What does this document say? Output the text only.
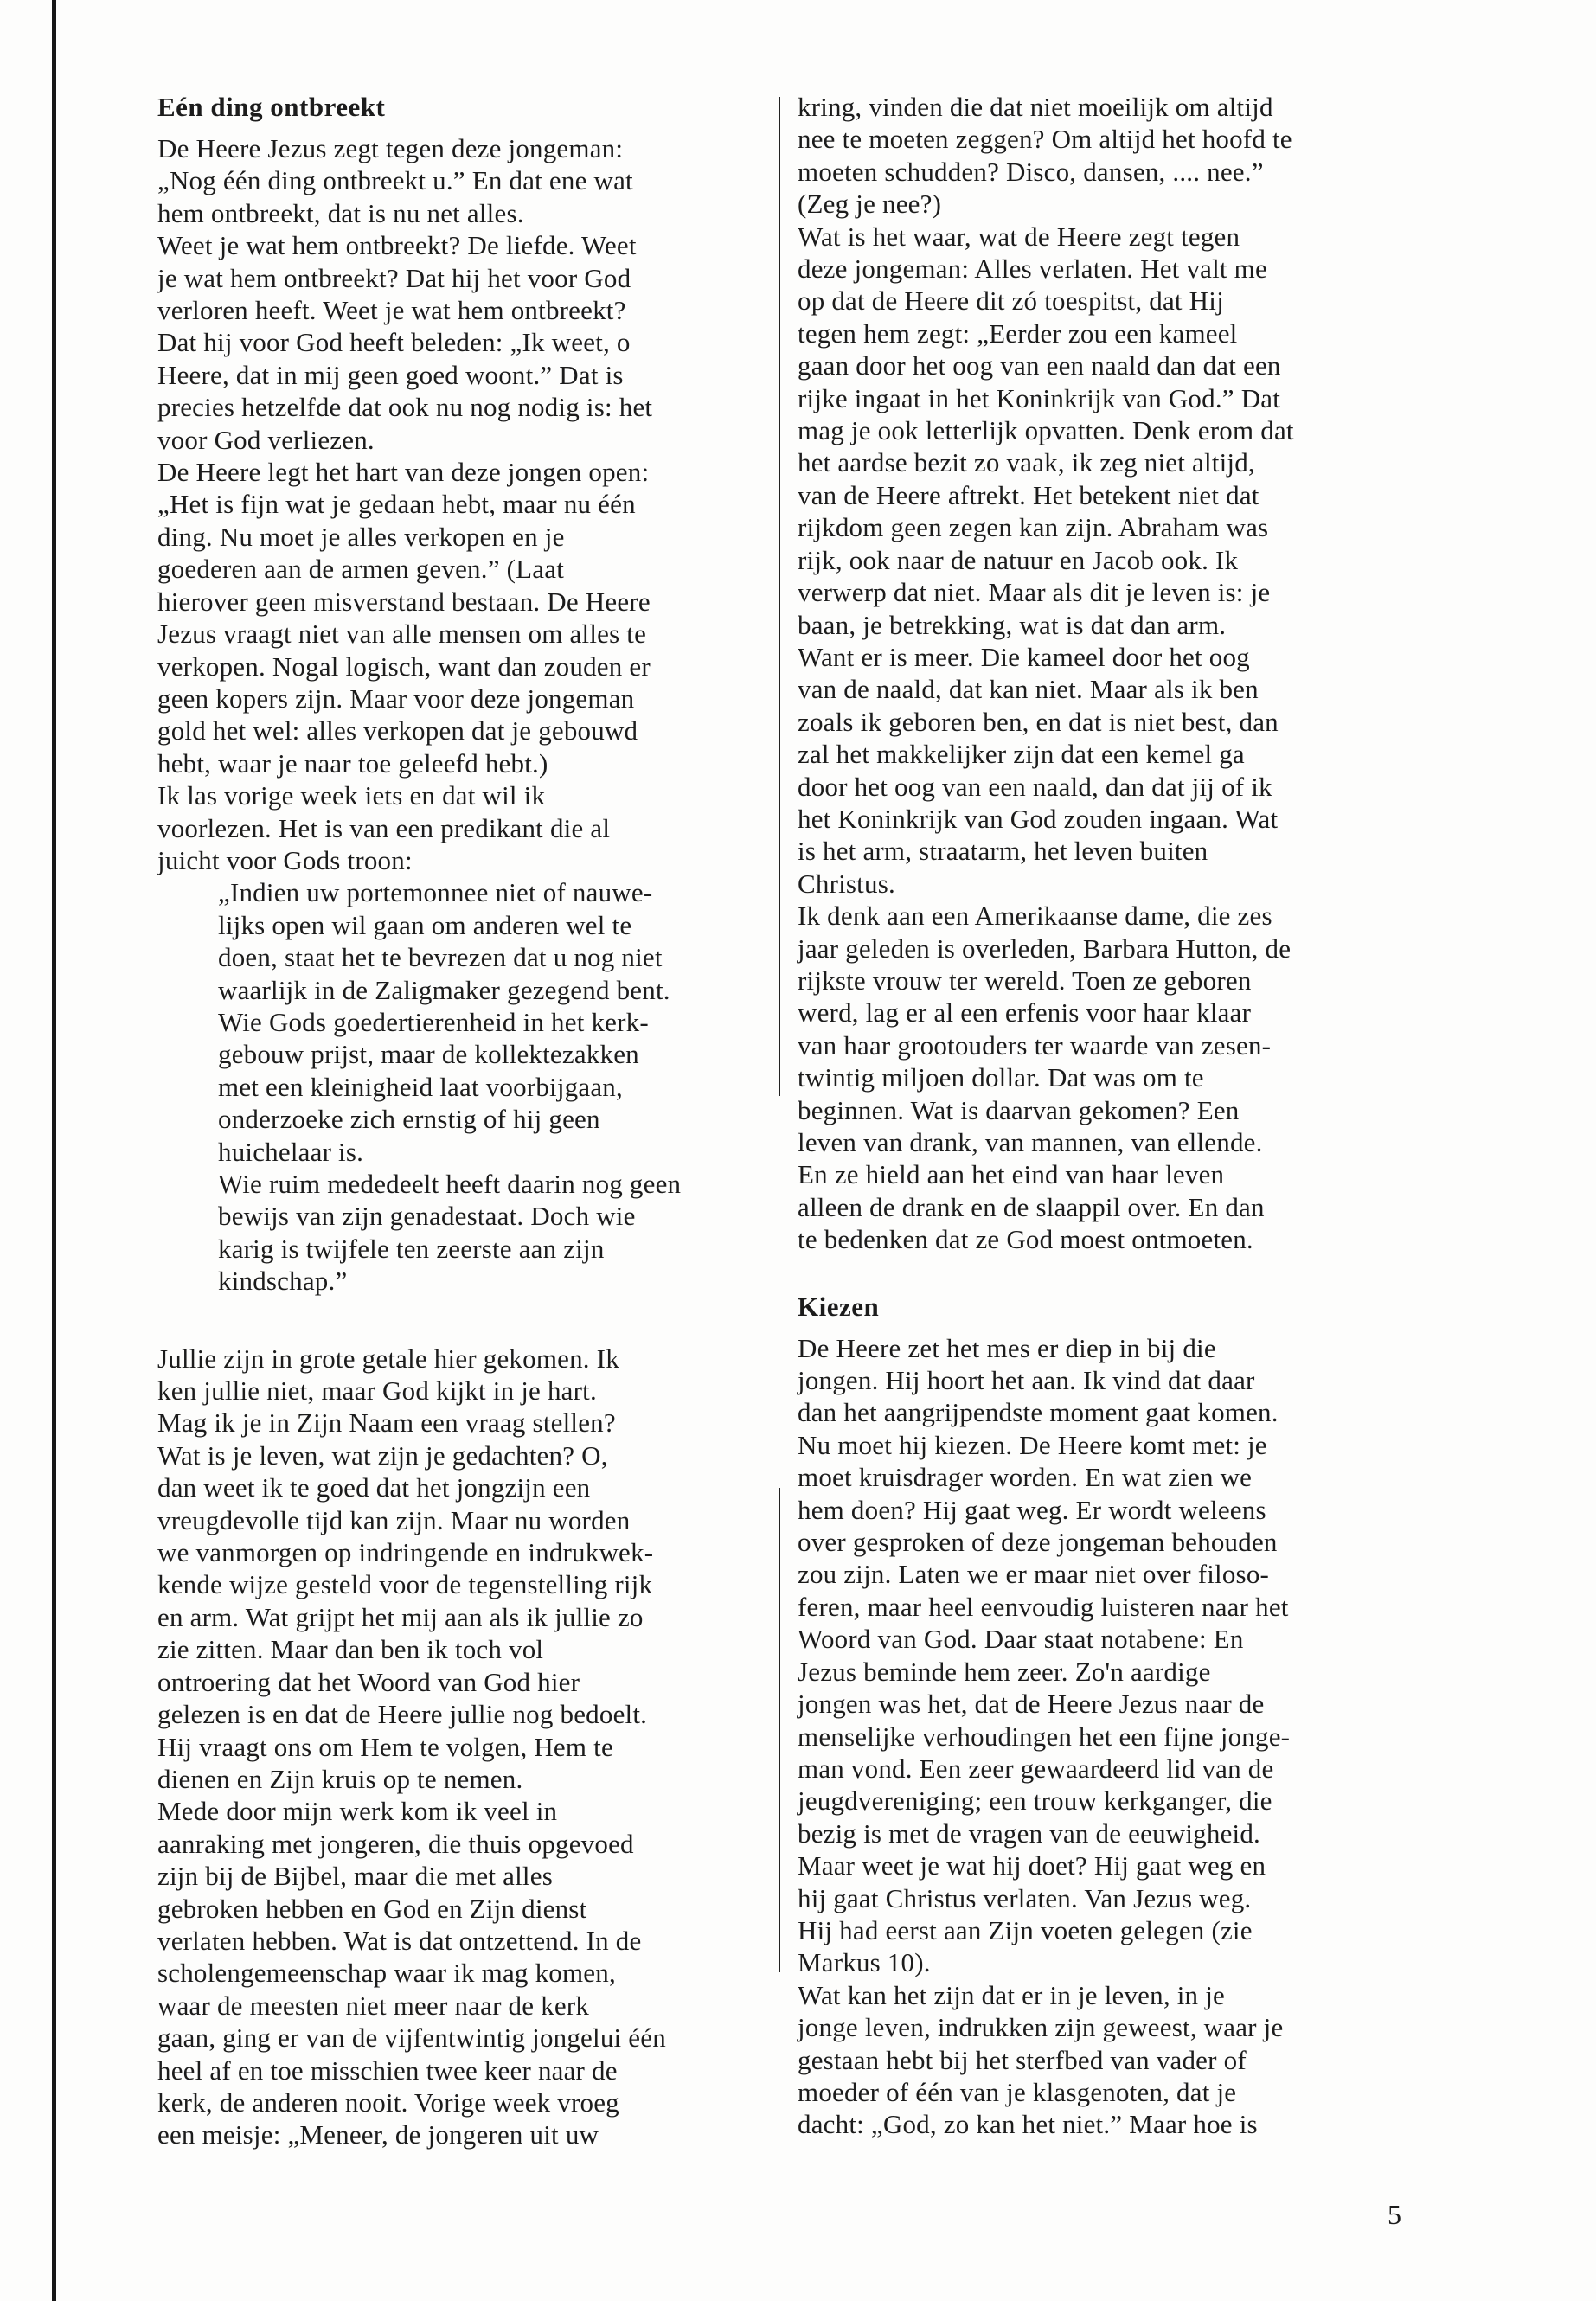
Eén ding ontbreekt

De Heere Jezus zegt tegen deze jongeman:
„Nog één ding ontbreekt u.” En dat ene wat
hem ontbreekt, dat is nu net alles.
Weet je wat hem ontbreekt? De liefde. Weet
je wat hem ontbreekt? Dat hij het voor God
verloren heeft. Weet je wat hem ontbreekt?
Dat hij voor God heeft beleden: „Ik weet, o
Heere, dat in mij geen goed woont.” Dat is
precies hetzelfde dat ook nu nog nodig is: het
voor God verliezen.

De Heere legt het hart van deze jongen open:
„Het is fijn wat je gedaan hebt, maar nu één
ding. Nu moet je alles verkopen en je
goederen aan de armen geven.” (Laat
hierover geen misverstand bestaan. De Heere
Jezus vraagt niet van alle mensen om alles te
verkopen. Nogal logisch, want dan zouden er
geen kopers zijn. Maar voor deze jongeman
gold het wel: alles verkopen dat je gebouwd
hebt, waar je naar toe geleefd hebt.)

Ik las vorige week iets en dat wil ik
voorlezen. Het is van een predikant die al
juicht voor Gods troon:

„Indien uw portemonnee niet of nauwe-
lijks open wil gaan om anderen wel te
doen, staat het te bevrezen dat u nog niet
waarlijk in de Zaligmaker gezegend bent.
Wie Gods goedertierenheid in het kerk-
gebouw prijst, maar de kollektezakken
met een kleinigheid laat voorbijgaan,
onderzoeke zich ernstig of hij geen
huichelaar is.

Wie ruim mededeelt heeft daarin nog geen
bewijs van zijn genadestaat. Doch wie
karig is twijfele ten zeerste aan zijn
kindschap.”

Jullie zijn in grote getale hier gekomen. Ik
ken jullie niet, maar God kijkt in je hart.
Mag ik je in Zijn Naam een vraag stellen?
Wat is je leven, wat zijn je gedachten? O,
dan weet ik te goed dat het jongzijn een
vreugdevolle tijd kan zijn. Maar nu worden
we vanmorgen op indringende en indrukwek-
kende wijze gesteld voor de tegenstelling rijk
en arm. Wat grijpt het mij aan als ik jullie zo
zie zitten. Maar dan ben ik toch vol
ontroering dat het Woord van God hier
gelezen is en dat de Heere jullie nog bedoelt.
Hij vraagt ons om Hem te volgen, Hem te
dienen en Zijn kruis op te nemen.

Mede door mijn werk kom ik veel in
aanraking met jongeren, die thuis opgevoed
zijn bij de Bijbel, maar die met alles
gebroken hebben en God en Zijn dienst
verlaten hebben. Wat is dat ontzettend. In de
scholengemeenschap waar ik mag komen,
waar de meesten niet meer naar de kerk
gaan, ging er van de vijfentwintig jongelui één
heel af en toe misschien twee keer naar de
kerk, de anderen nooit. Vorige week vroeg
een meisje: „Meneer, de jongeren uit uw

kring, vinden die dat niet moeilijk om altijd
nee te moeten zeggen? Om altijd het hoofd te
moeten schudden? Disco, dansen, .... nee.”
(Zeg je nee?)

Wat is het waar, wat de Heere zegt tegen
deze jongeman: Alles verlaten. Het valt me
op dat de Heere dit zó toespitst, dat Hij
tegen hem zegt: „Eerder zou een kameel
gaan door het oog van een naald dan dat een
rijke ingaat in het Koninkrijk van God.” Dat
mag je ook letterlijk opvatten. Denk erom dat
het aardse bezit zo vaak, ik zeg niet altijd,
van de Heere aftrekt. Het betekent niet dat
rijkdom geen zegen kan zijn. Abraham was
rijk, ook naar de natuur en Jacob ook. Ik
verwerp dat niet. Maar als dit je leven is: je
baan, je betrekking, wat is dat dan arm.
Want er is meer. Die kameel door het oog
van de naald, dat kan niet. Maar als ik ben
zoals ik geboren ben, en dat is niet best, dan
zal het makkelijker zijn dat een kemel ga
door het oog van een naald, dan dat jij of ik
het Koninkrijk van God zouden ingaan. Wat
is het arm, straatarm, het leven buiten
Christus.

Ik denk aan een Amerikaanse dame, die zes
jaar geleden is overleden, Barbara Hutton, de
rijkste vrouw ter wereld. Toen ze geboren
werd, lag er al een erfenis voor haar klaar
van haar grootouders ter waarde van zesen-
twintig miljoen dollar. Dat was om te
beginnen. Wat is daarvan gekomen? Een
leven van drank, van mannen, van ellende.
En ze hield aan het eind van haar leven
alleen de drank en de slaappil over. En dan
te bedenken dat ze God moest ontmoeten.

Kiezen

De Heere zet het mes er diep in bij die
jongen. Hij hoort het aan. Ik vind dat daar
dan het aangrijpendste moment gaat komen.
Nu moet hij kiezen. De Heere komt met: je
moet kruisdrager worden. En wat zien we
hem doen? Hij gaat weg. Er wordt weleens
over gesproken of deze jongeman behouden
zou zijn. Laten we er maar niet over filoso-
feren, maar heel eenvoudig luisteren naar het
Woord van God. Daar staat notabene: En
Jezus beminde hem zeer. Zo'n aardige
jongen was het, dat de Heere Jezus naar de
menselijke verhoudingen het een fijne jonge-
man vond. Een zeer gewaardeerd lid van de
jeugdvereniging; een trouw kerkganger, die
bezig is met de vragen van de eeuwigheid.
Maar weet je wat hij doet? Hij gaat weg en
hij gaat Christus verlaten. Van Jezus weg.
Hij had eerst aan Zijn voeten gelegen (zie
Markus 10).

Wat kan het zijn dat er in je leven, in je
jonge leven, indrukken zijn geweest, waar je
gestaan hebt bij het sterfbed van vader of
moeder of één van je klasgenoten, dat je
dacht: „God, zo kan het niet.” Maar hoe is

5
